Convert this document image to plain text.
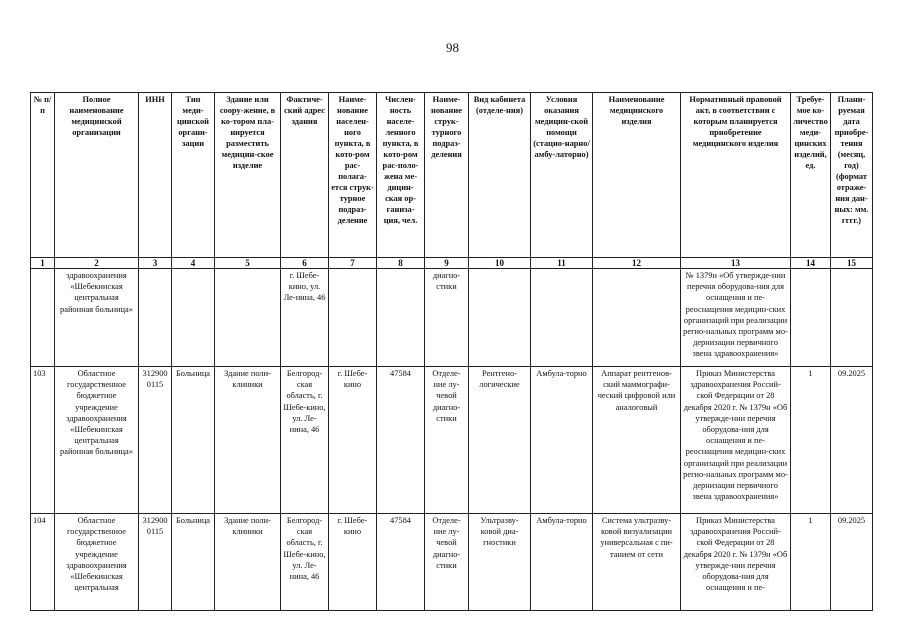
98
№ п/п	Полное наименование медицинской организации	ИНН	Тип меди-цинской органи-зации	Здание или соору-жение, в ко-тором пла-нируется разместить медицин-ское изделие	Фактиче-ский адрес здания	Наиме-нование населен-ного пункта, в кото-ром рас-полага-ется струк-турное подраз-деление	Числен-ность населе-ленного пункта, в кото-ром рас-поло-жена ме-дицин-ская ор-ганиза-ция, чел.	Наиме-нование струк-турного подраз-деления	Вид кабинета (отделе-ния)	Условия оказания медицин-ской помощи (стацио-нарно/амбу-латорно)	Наименование медицинского изделия	Нормативный правовой акт, в соответствии с которым планируется приобретение медицинского изделия	Требуе-мое ко-личество меди-цинских изделий, ед.	Плани-руемая дата приобре-тения (месяц, год) (формат отраже-ния дан-ных: мм. гггг.)
1	2	3	4	5	6	7	8	9	10	11	12	13	14	15
	здравоохранения «Шебекинская центральная районная больница»				г. Шебе-кино, ул. Ле-нина, 46			диагно-стики				№ 1379н «Об утвержде-нии перечня оборудова-ния для оснащения и пе-реоснащения медицин-ских организаций при реализации регио-нальных программ мо-дернизации первичного звена здравоохранения»		
103	Областное государственное бюджетное учреждение здравоохранения «Шебекинская центральная районная больница»	3129000115	Больница	Здание поли-клиники	Белгород-ская область, г. Шебе-кино, ул. Ле-нина, 46	г. Шебе-кино	47584	Отделе-ние лу-чевой диагно-стики	Рентгено-логические	Амбула-торно	Аппарат рентгенов-ский маммографи-ческий цифровой или аналоговый	Приказ Министерства здравоохранения Россий-ской Федерации от 28 декабря 2020 г. № 1379н «Об утвержде-нии перечня оборудова-ния для оснащения и пе-реоснащения медицин-ских организаций при реализации регио-нальных программ мо-дернизации первичного звена здравоохранения»	1	09.2025
104	Областное государственное бюджетное учреждение здравоохранения «Шебекинская центральная	3129000115	Больница	Здание поли-клиники	Белгород-ская область, г. Шебе-кино, ул. Ле-нина, 46	г. Шебе-кино	47584	Отделе-ние лу-чевой диагно-стики	Ультразву-ковой диа-гностики	Амбула-торно	Система ультразву-ковой визуализации универсальная с пи-танием от сети	Приказ Министерства здравоохранения Россий-ской Федерации от 28 декабря 2020 г. № 1379н «Об утвержде-нии перечня оборудова-ния для оснащения и пе-	1	09.2025
